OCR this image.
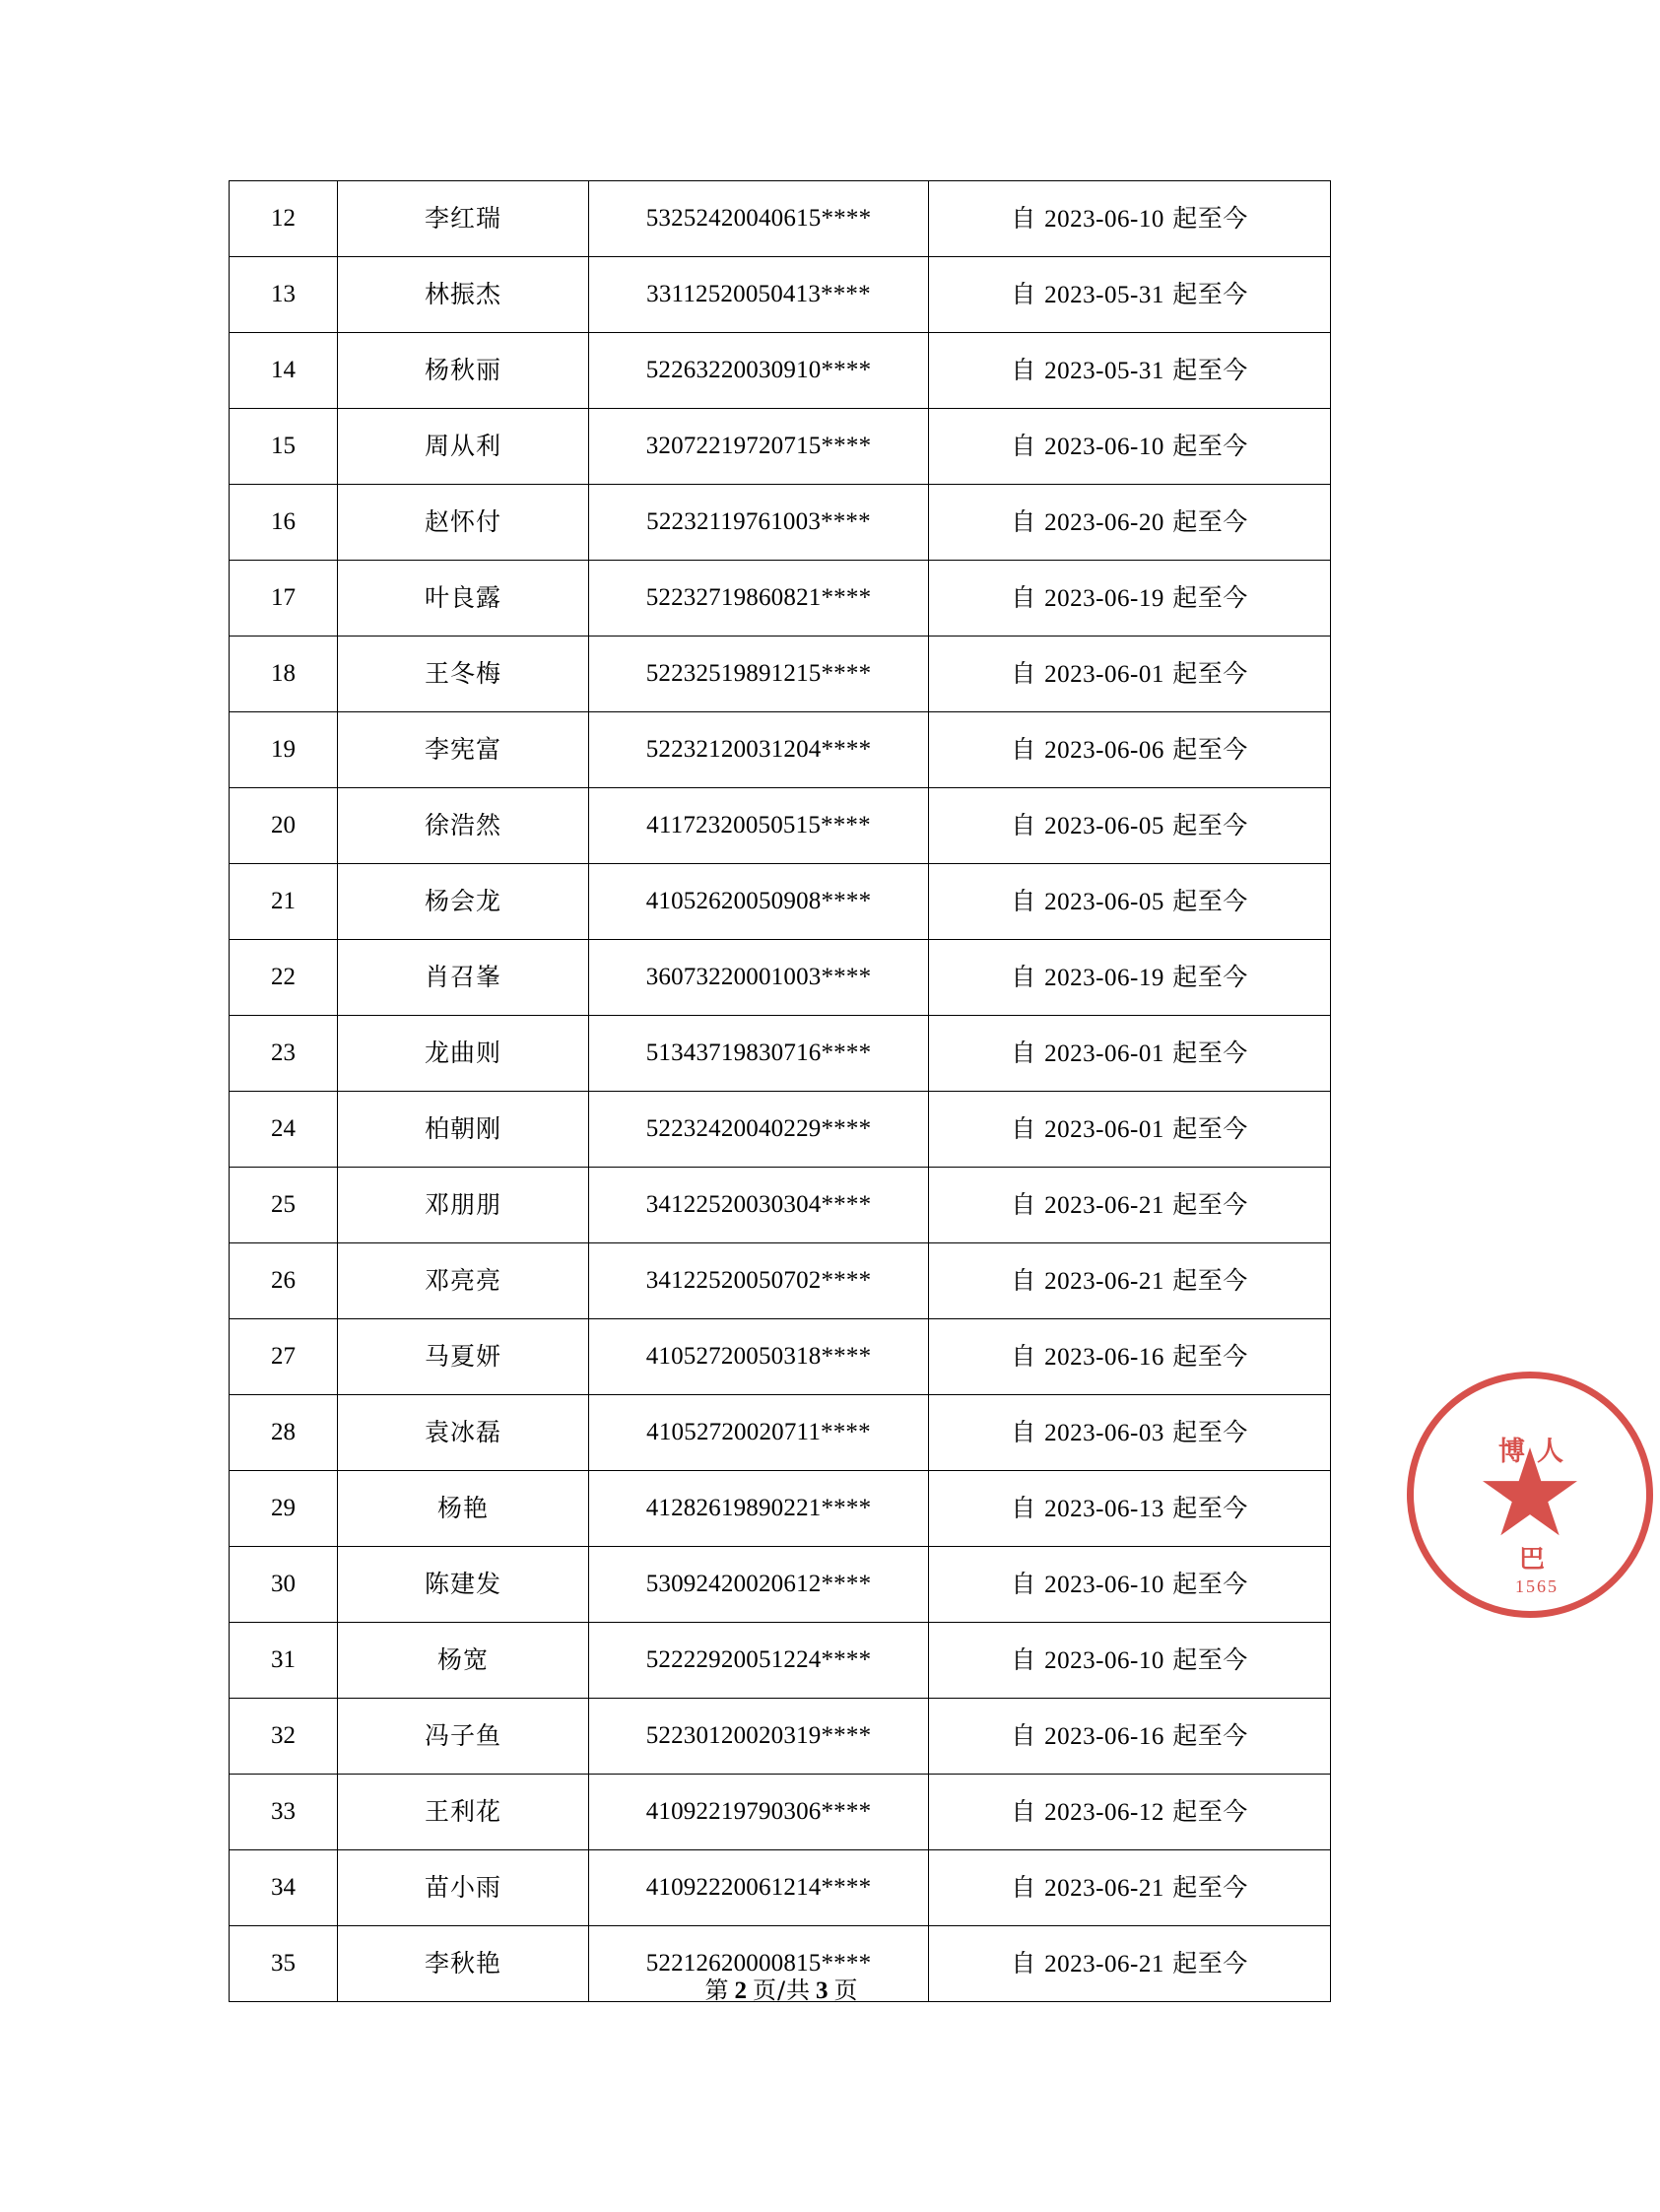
12	李红瑞	53252420040615****	自 2023-06-10 起至今
13	林振杰	33112520050413****	自 2023-05-31 起至今
14	杨秋丽	52263220030910****	自 2023-05-31 起至今
15	周从利	32072219720715****	自 2023-06-10 起至今
16	赵怀付	52232119761003****	自 2023-06-20 起至今
17	叶良露	52232719860821****	自 2023-06-19 起至今
18	王冬梅	52232519891215****	自 2023-06-01 起至今
19	李宪富	52232120031204****	自 2023-06-06 起至今
20	徐浩然	41172320050515****	自 2023-06-05 起至今
21	杨会龙	41052620050908****	自 2023-06-05 起至今
22	肖召峯	36073220001003****	自 2023-06-19 起至今
23	龙曲则	51343719830716****	自 2023-06-01 起至今
24	柏朝刚	52232420040229****	自 2023-06-01 起至今
25	邓朋朋	34122520030304****	自 2023-06-21 起至今
26	邓亮亮	34122520050702****	自 2023-06-21 起至今
27	马夏妍	41052720050318****	自 2023-06-16 起至今
28	袁冰磊	41052720020711****	自 2023-06-03 起至今
29	杨艳	41282619890221****	自 2023-06-13 起至今
30	陈建发	53092420020612****	自 2023-06-10 起至今
31	杨宽	52222920051224****	自 2023-06-10 起至今
32	冯子鱼	52230120020319****	自 2023-06-16 起至今
33	王利花	41092219790306****	自 2023-06-12 起至今
34	苗小雨	41092220061214****	自 2023-06-21 起至今
35	李秋艳	52212620000815****	自 2023-06-21 起至今
第 2 页/共 3 页
博人
巴
1565
